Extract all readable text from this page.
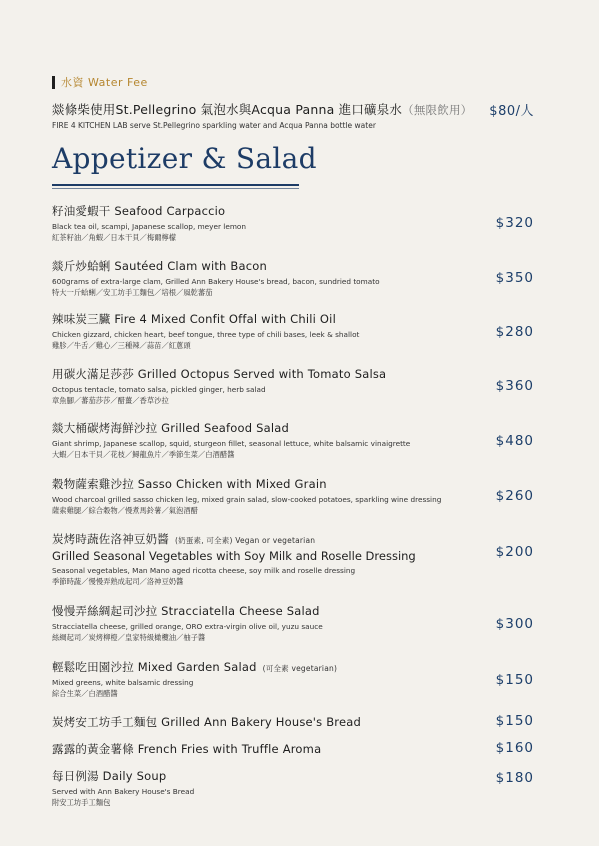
水資 Water Fee
燚條柴使用St.Pellegrino 氣泡水與Acqua Panna 進口礦泉水（無限飲用）
FIRE 4 KITCHEN LAB serve St.Pellegrino sparkling water and Acqua Panna bottle water
$80/人
Appetizer & Salad
籽油愛蝦干 Seafood Carpaccio
Black tea oil, scampi, Japanese scallop, meyer lemon
紅茶籽油／角蝦／日本干貝／梅爾檸檬
$320
燚斤炒蛤蜊 Sautéed Clam with Bacon
600grams of extra-large clam, Grilled Ann Bakery House's bread, bacon, sundried tomato
特大一斤蛤蜊／安工坊手工麵包／培根／風乾蕃茄
$350
辣味炭三臟 Fire 4 Mixed Confit Offal with Chili Oil
Chicken gizzard, chicken heart, beef tongue, three type of chili bases, leek & shallot
雞胗／牛舌／雞心／三種辣／蒜苗／紅蔥頭
$280
用碳火滿足莎莎 Grilled Octopus Served with Tomato Salsa
Octopus tentacle, tomato salsa, pickled ginger, herb salad
章魚腳／蕃茄莎莎／醋薑／香草沙拉
$360
燚大桶碳烤海鮮沙拉 Grilled Seafood Salad
Giant shrimp, Japanese scallop, squid, sturgeon fillet, seasonal lettuce, white balsamic vinaigrette
大蝦／日本干貝／花枝／鱘龍魚片／季節生菜／白酒醋醬
$480
穀物薩索雞沙拉 Sasso Chicken with Mixed Grain
Wood charcoal grilled sasso chicken leg, mixed grain salad, slow-cooked potatoes, sparkling wine dressing
薩索雞腿／綜合穀物／慢煮馬鈴薯／氣泡酒醋
$260
炭烤時蔬佐洛神豆奶醬 (奶蛋素, 可全素) Vegan or vegetarian
Grilled Seasonal Vegetables with Soy Milk and Roselle Dressing
Seasonal vegetables, Man Mano aged ricotta cheese, soy milk and roselle dressing
季節時蔬／慢慢弄熟成起司／洛神豆奶醬
$200
慢慢弄絲綢起司沙拉 Stracciatella Cheese Salad
Stracciatella cheese, grilled orange, ORO extra-virgin olive oil, yuzu sauce
絲綢起司／炭烤柳橙／皇家特級橄欖油／柚子醬
$300
輕鬆吃田園沙拉 Mixed Garden Salad (可全素 vegetarian)
Mixed greens, white balsamic dressing
綜合生菜／白酒醋醬
$150
炭烤安工坊手工麵包 Grilled Ann Bakery House's Bread	$150
露露的黃金薯條 French Fries with Truffle Aroma	$160
每日例湯 Daily Soup
Served with Ann Bakery House's Bread
附安工坊手工麵包
$180
